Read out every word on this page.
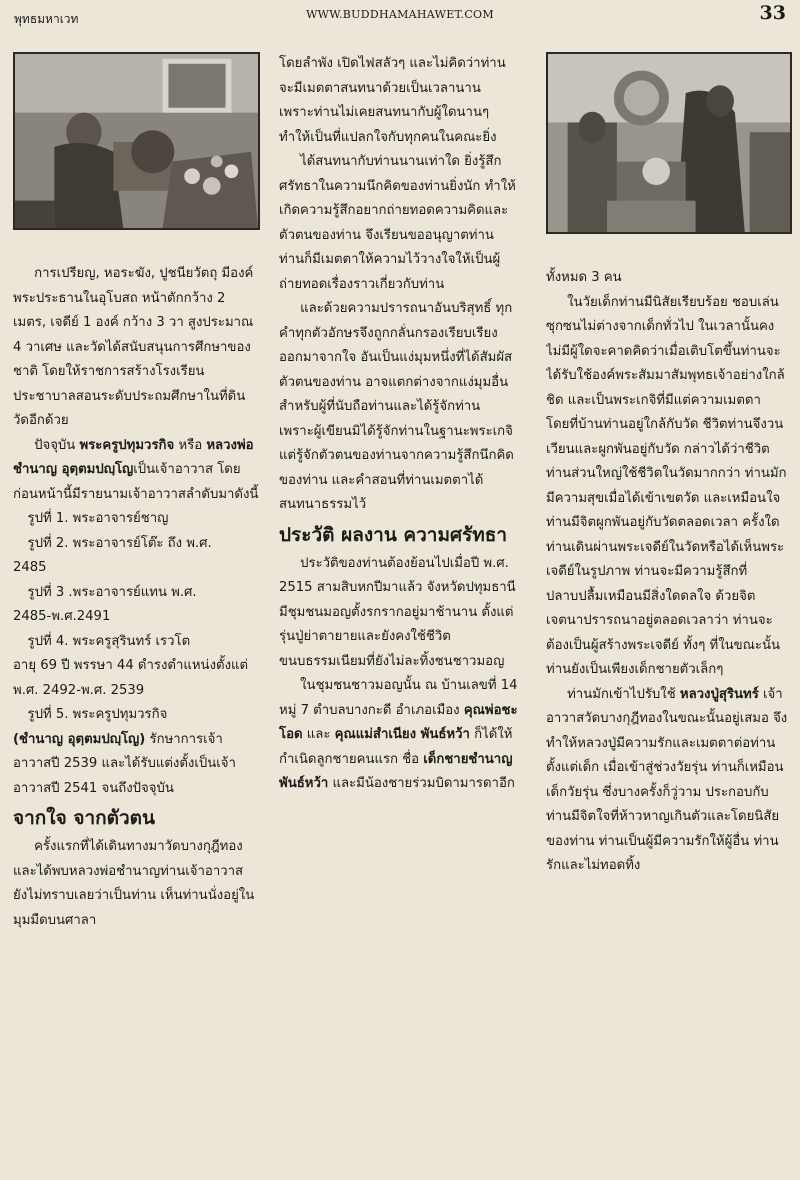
พุทธมหาเวท	WWW.BUDDHAMAHAWET.COM	33

การเปรียญ, หอระฆัง, ปูชนียวัตถุ มีองค์พระประธานในอุโบสถ หน้าตักกว้าง 2 เมตร, เจดีย์ 1 องค์ กว้าง 3 วา สูงประมาณ 4 วาเศษ และวัดได้สนับสนุนการศึกษาของชาติ โดยให้ราชการสร้างโรงเรียนประชาบาลสอนระดับประถมศึกษาในที่ดินวัดอีกด้วย

ปัจจุบัน พระครูปทุมวรกิจ หรือ หลวงพ่อชำนาญ อุตฺตมปญฺโญเป็นเจ้าอาวาส โดยก่อนหน้านี้มีรายนามเจ้าอาวาสลำดับมาดังนี้

รูปที่ 1. พระอาจารย์ชาญ

รูปที่ 2. พระอาจารย์โต๊ะ ถึง พ.ศ.

2485

รูปที่ 3 .พระอาจารย์แทน พ.ศ.

2485-พ.ศ.2491

รูปที่ 4. พระครูสุรินทร์ เรวโต

อายุ 69 ปี พรรษา 44 ดำรงตำแหน่งตั้งแต่ พ.ศ. 2492-พ.ศ. 2539

รูปที่ 5. พระครูปทุมวรกิจ

(ชำนาญ อุตฺตมปญฺโญ) รักษาการเจ้าอาวาสปี 2539 และได้รับแต่งตั้งเป็นเจ้าอาวาสปี 2541 จนถึงปัจจุบัน

จากใจ จากตัวตน

ครั้งแรกที่ได้เดินทางมาวัดบางกุฎีทอง และได้พบหลวงพ่อชำนาญท่านเจ้าอาวาส ยังไม่ทราบเลยว่าเป็นท่าน เห็นท่านนั่งอยู่ในมุมมืดบนศาลา

โดยลำพัง เปิดไฟสลัวๆ และไม่คิดว่าท่านจะมีเมตตาสนทนาด้วยเป็นเวลานาน เพราะท่านไม่เคยสนทนากับผู้ใดนานๆ ทำให้เป็นที่แปลกใจกับทุกคนในคณะยิ่ง

ได้สนทนากับท่านนานเท่าใด ยิ่งรู้สึกศรัทธาในความนึกคิดของท่านยิ่งนัก ทำให้เกิดความรู้สึกอยากถ่ายทอดความคิดและตัวตนของท่าน จึงเรียนขออนุญาตท่าน ท่านก็มีเมตตาให้ความไว้วางใจให้เป็นผู้ถ่ายทอดเรื่องราวเกี่ยวกับท่าน

และด้วยความปรารถนาอันบริสุทธิ์ ทุกคำทุกตัวอักษรจึงถูกกลั่นกรองเรียบเรียงออกมาจากใจ อันเป็นแง่มุมหนึ่งที่ได้สัมผัสตัวตนของท่าน อาจแตกต่างจากแง่มุมอื่นสำหรับผู้ที่นับถือท่านและได้รู้จักท่าน เพราะผู้เขียนมิได้รู้จักท่านในฐานะพระเกจิ แต่รู้จักตัวตนของท่านจากความรู้สึกนึกคิดของท่าน และคำสอนที่ท่านเมตตาได้สนทนาธรรมไว้

ประวัติ ผลงาน ความศรัทธา

ประวัติของท่านต้องย้อนไปเมื่อปี พ.ศ. 2515 สามสิบหกปีมาแล้ว จังหวัดปทุมธานีมีชุมชนมอญตั้งรกรากอยู่มาช้านาน ตั้งแต่รุ่นปู่ย่าตายายและยังคงใช้ชีวิตขนบธรรมเนียมที่ยังไม่ละทิ้งชนชาวมอญ

ในชุมชนชาวมอญนั้น ณ บ้านเลขที่ 14 หมู่ 7 ตำบลบางกะดี อำเภอเมือง คุณพ่อชะโอด และ คุณแม่สำเนียง พันธ์หว้า ก็ได้ให้กำเนิดลูกชายคนแรก ชื่อ เด็กชายชำนาญ พันธ์หว้า และมีน้องชายร่วมบิดามารดาอีก

ทั้งหมด 3 คน

ในวัยเด็กท่านมีนิสัยเรียบร้อย ชอบเล่นซุกซนไม่ต่างจากเด็กทั่วไป ในเวลานั้นคงไม่มีผู้ใดจะคาดคิดว่าเมื่อเติบโตขึ้นท่านจะได้รับใช้องค์พระสัมมาสัมพุทธเจ้าอย่างใกล้ชิด และเป็นพระเกจิที่มีแต่ความเมตตา โดยที่บ้านท่านอยู่ใกล้กับวัด ชีวิตท่านจึงวนเวียนและผูกพันอยู่กับวัด กล่าวได้ว่าชีวิตท่านส่วนใหญ่ใช้ชีวิตในวัดมากกว่า ท่านมักมีความสุขเมื่อได้เข้าเขตวัด และเหมือนใจท่านมีจิตผูกพันอยู่กับวัดตลอดเวลา ครั้งใดท่านเดินผ่านพระเจดีย์ในวัดหรือได้เห็นพระเจดีย์ในรูปภาพ ท่านจะมีความรู้สึกที่ปลาบปลื้มเหมือนมีสิ่งใดดลใจ ด้วยจิตเจตนาปรารถนาอยู่ตลอดเวลาว่า ท่านจะต้องเป็นผู้สร้างพระเจดีย์ ทั้งๆ ที่ในขณะนั้นท่านยังเป็นเพียงเด็กชายตัวเล็กๆ

ท่านมักเข้าไปรับใช้ หลวงปู่สุรินทร์ เจ้าอาวาสวัดบางกุฎีทองในขณะนั้นอยู่เสมอ จึงทำให้หลวงปู่มีความรักและเมตตาต่อท่านตั้งแต่เด็ก เมื่อเข้าสู่ช่วงวัยรุ่น ท่านก็เหมือนเด็กวัยรุ่น ซึ่งบางครั้งก็วู่วาม ประกอบกับท่านมีจิตใจที่ห้าวหาญเกินตัวและโดยนิสัยของท่าน ท่านเป็นผู้มีความรักให้ผู้อื่น ท่านรักและไม่ทอดทิ้ง
